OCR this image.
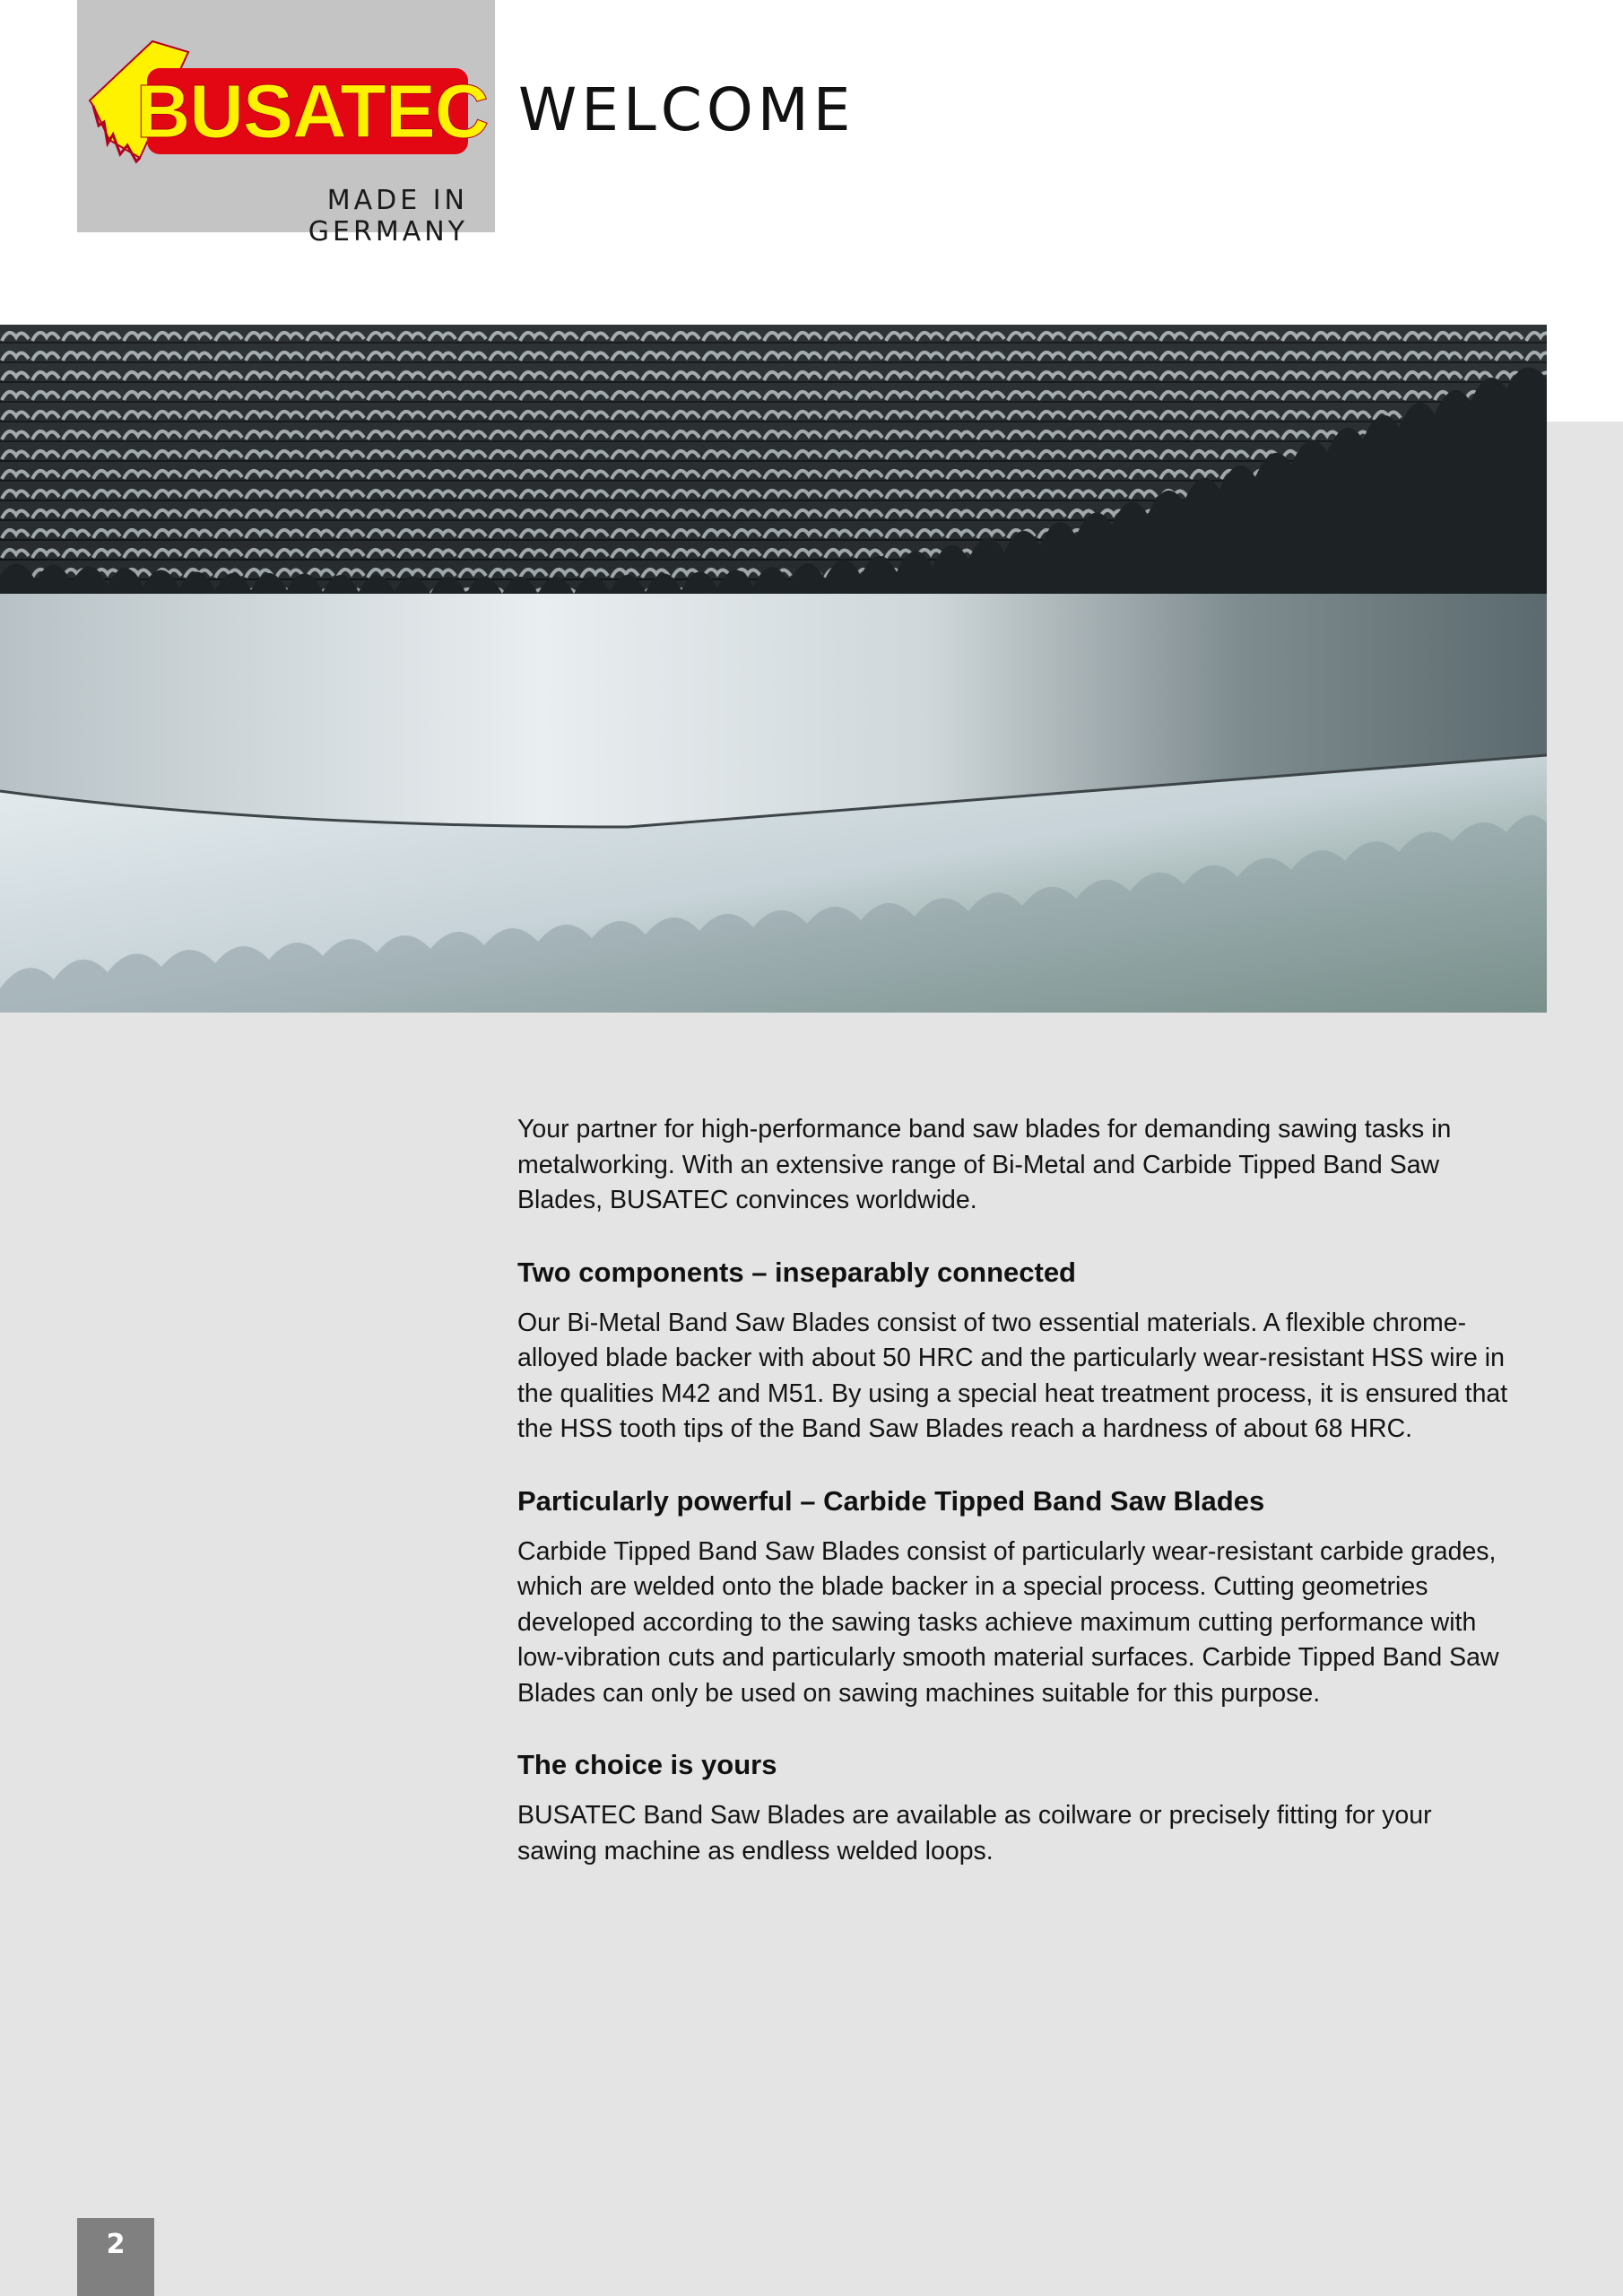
BUSATEC
MADE IN GERMANY
WELCOME

Your partner for high-performance band saw blades for demanding sawing tasks in metalworking. With an extensive range of Bi-Metal and Carbide Tipped Band Saw Blades, BUSATEC convinces worldwide.

Two components – inseparably connected

Our Bi-Metal Band Saw Blades consist of two essential materials. A flexible chrome-alloyed blade backer with about 50 HRC and the particularly wear-resistant HSS wire in the qualities M42 and M51. By using a special heat treatment process, it is ensured that the HSS tooth tips of the Band Saw Blades reach a hardness of about 68 HRC.

Particularly powerful – Carbide Tipped Band Saw Blades

Carbide Tipped Band Saw Blades consist of particularly wear-resistant carbide grades, which are welded onto the blade backer in a special process. Cutting geometries developed according to the sawing tasks achieve maximum cutting performance with low-vibration cuts and particularly smooth material surfaces. Carbide Tipped Band Saw Blades can only be used on sawing machines suitable for this purpose.

The choice is yours

BUSATEC Band Saw Blades are available as coilware or precisely fitting for your sawing machine as endless welded loops.

2
